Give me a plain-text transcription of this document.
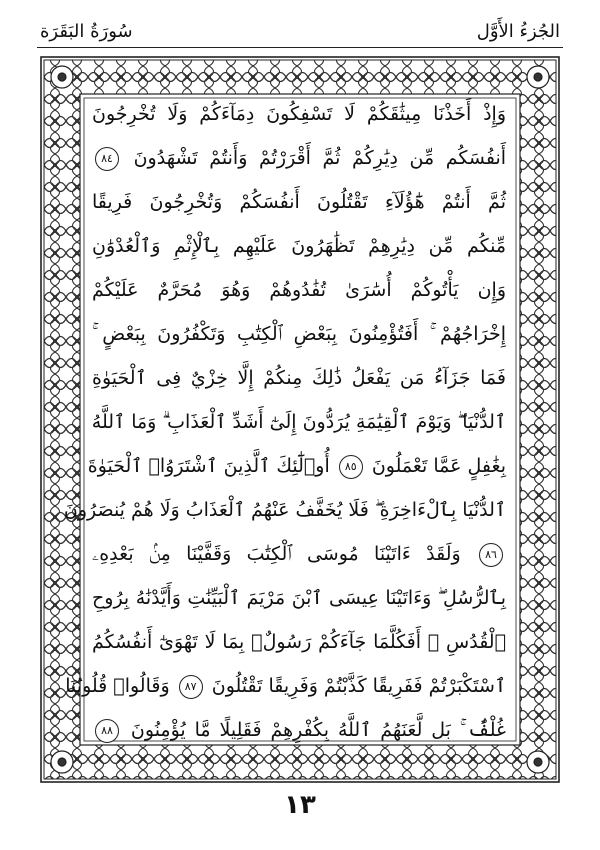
الجُزءُ الأَوَّل
سُورَةُ البَقَرَة
وَإِذْ أَخَذْنَا مِيثَٰقَكُمْ لَا تَسْفِكُونَ دِمَآءَكُمْ وَلَا تُخْرِجُونَ
أَنفُسَكُم مِّن دِيَٰرِكُمْ ثُمَّ أَقْرَرْتُمْ وَأَنتُمْ تَشْهَدُونَ ٨٤
ثُمَّ أَنتُمْ هَٰٓؤُلَآءِ تَقْتُلُونَ أَنفُسَكُمْ وَتُخْرِجُونَ فَرِيقًا
مِّنكُم مِّن دِيَٰرِهِمْ تَظَٰهَرُونَ عَلَيْهِم بِٱلْإِثْمِ وَٱلْعُدْوَٰنِ
وَإِن يَأْتُوكُمْ أُسَٰرَىٰ تُفَٰدُوهُمْ وَهُوَ مُحَرَّمٌ عَلَيْكُمْ
إِخْرَاجُهُمْ ۚ أَفَتُؤْمِنُونَ بِبَعْضِ ٱلْكِتَٰبِ وَتَكْفُرُونَ بِبَعْضٍ ۚ
فَمَا جَزَآءُ مَن يَفْعَلُ ذَٰلِكَ مِنكُمْ إِلَّا خِزْيٌ فِى ٱلْحَيَوٰةِ
ٱلدُّنْيَا ۖ وَيَوْمَ ٱلْقِيَٰمَةِ يُرَدُّونَ إِلَىٰٓ أَشَدِّ ٱلْعَذَابِ ۗ وَمَا ٱللَّهُ
بِغَٰفِلٍ عَمَّا تَعْمَلُونَ ٨٥ أُو۟لَٰٓئِكَ ٱلَّذِينَ ٱشْتَرَوُا۟ ٱلْحَيَوٰةَ
ٱلدُّنْيَا بِٱلْءَاخِرَةِ ۖ فَلَا يُخَفَّفُ عَنْهُمُ ٱلْعَذَابُ وَلَا هُمْ يُنصَرُونَ
٨٦ وَلَقَدْ ءَاتَيْنَا مُوسَى ٱلْكِتَٰبَ وَقَفَّيْنَا مِنۢ بَعْدِهِۦ
بِٱلرُّسُلِ ۖ وَءَاتَيْنَا عِيسَى ٱبْنَ مَرْيَمَ ٱلْبَيِّنَٰتِ وَأَيَّدْنَٰهُ بِرُوحِ
ٱلْقُدُسِ ۗ أَفَكُلَّمَا جَآءَكُمْ رَسُولٌۢ بِمَا لَا تَهْوَىٰٓ أَنفُسُكُمُ
ٱسْتَكْبَرْتُمْ فَفَرِيقًا كَذَّبْتُمْ وَفَرِيقًا تَقْتُلُونَ ٨٧ وَقَالُوا۟ قُلُوبُنَا
غُلْفٌۢ ۚ بَل لَّعَنَهُمُ ٱللَّهُ بِكُفْرِهِمْ فَقَلِيلًا مَّا يُؤْمِنُونَ ٨٨
١٣
